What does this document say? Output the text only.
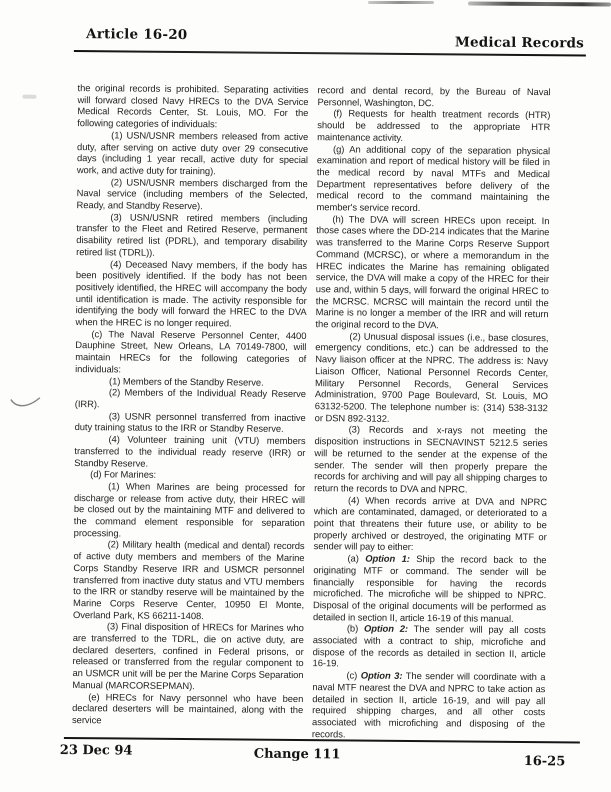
Article 16-20	Medical Records

the original records is prohibited. Separating activities will forward closed Navy HRECs to the DVA Service Medical Records Center, St. Louis, MO. For the following categories of individuals:

(1) USN/USNR members released from active duty, after serving on active duty over 29 consecutive days (including 1 year recall, active duty for special work, and active duty for training).

(2) USN/USNR members discharged from the Naval service (including members of the Selected, Ready, and Standby Reserve).

(3) USN/USNR retired members (including transfer to the Fleet and Retired Reserve, permanent disability retired list (PDRL), and temporary disability retired list (TDRL)).

(4) Deceased Navy members, if the body has been positively identified. If the body has not been positively identified, the HREC will accompany the body until identification is made. The activity responsible for identifying the body will forward the HREC to the DVA when the HREC is no longer required.

(c) The Naval Reserve Personnel Center, 4400 Dauphine Street, New Orleans, LA 70149-7800, will maintain HRECs for the following categories of individuals:

(1) Members of the Standby Reserve.

(2) Members of the Individual Ready Reserve (IRR).

(3) USNR personnel transferred from inactive duty training status to the IRR or Standby Reserve.

(4) Volunteer training unit (VTU) members transferred to the individual ready reserve (IRR) or Standby Reserve.

(d) For Marines:

(1) When Marines are being processed for discharge or release from active duty, their HREC will be closed out by the maintaining MTF and delivered to the command element responsible for separation processing.

(2) Military health (medical and dental) records of active duty members and members of the Marine Corps Standby Reserve IRR and USMCR personnel transferred from inactive duty status and VTU members to the IRR or standby reserve will be maintained by the Marine Corps Reserve Center, 10950 El Monte, Overland Park, KS 66211-1408.

(3) Final disposition of HRECs for Marines who are transferred to the TDRL, die on active duty, are declared deserters, confined in Federal prisons, or released or transferred from the regular component to an USMCR unit will be per the Marine Corps Separation Manual (MARCORSEPMAN).

(e) HRECs for Navy personnel who have been declared deserters will be maintained, along with the service

record and dental record, by the Bureau of Naval Personnel, Washington, DC.

(f) Requests for health treatment records (HTR) should be addressed to the appropriate HTR maintenance activity.

(g) An additional copy of the separation physical examination and report of medical history will be filed in the medical record by naval MTFs and Medical Department representatives before delivery of the medical record to the command maintaining the member's service record.

(h) The DVA will screen HRECs upon receipt. In those cases where the DD-214 indicates that the Marine was transferred to the Marine Corps Reserve Support Command (MCRSC), or where a memorandum in the HREC indicates the Marine has remaining obligated service, the DVA will make a copy of the HREC for their use and, within 5 days, will forward the original HREC to the MCRSC. MCRSC will maintain the record until the Marine is no longer a member of the IRR and will return the original record to the DVA.

(2) Unusual disposal issues (i.e., base closures, emergency conditions, etc.) can be addressed to the Navy liaison officer at the NPRC. The address is: Navy Liaison Officer, National Personnel Records Center, Military Personnel Records, General Services Administration, 9700 Page Boulevard, St. Louis, MO 63132-5200. The telephone number is: (314) 538-3132 or DSN 892-3132.

(3) Records and x-rays not meeting the disposition instructions in SECNAVINST 5212.5 series will be returned to the sender at the expense of the sender. The sender will then properly prepare the records for archiving and will pay all shipping charges to return the records to DVA and NPRC.

(4) When records arrive at DVA and NPRC which are contaminated, damaged, or deteriorated to a point that threatens their future use, or ability to be properly archived or destroyed, the originating MTF or sender will pay to either:

(a) Option 1: Ship the record back to the originating MTF or command. The sender will be financially responsible for having the records microfiched. The microfiche will be shipped to NPRC. Disposal of the original documents will be performed as detailed in section II, article 16-19 of this manual.

(b) Option 2: The sender will pay all costs associated with a contract to ship, microfiche and dispose of the records as detailed in section II, article 16-19.

(c) Option 3: The sender will coordinate with a naval MTF nearest the DVA and NPRC to take action as detailed in section II, article 16-19, and will pay all required shipping charges, and all other costs associated with microfiching and disposing of the records.

23 Dec 94	Change 111	16-25
